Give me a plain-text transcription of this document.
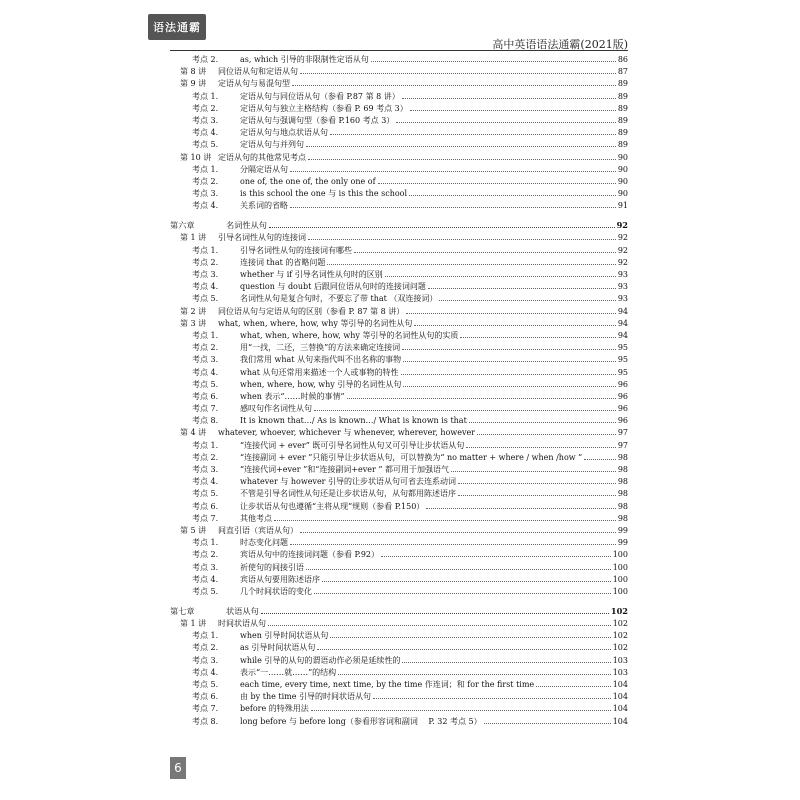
语法通霸
高中英语语法通霸(2021版)
考点 2.	as, which 引导的非限制性定语从句	86
第 8 讲	同位语从句和定语从句	87
第 9 讲	定语从句与易混句型	89
考点 1.	定语从句与同位语从句（参看 P.87 第 8 讲）	89
考点 2.	定语从句与独立主格结构（参看 P. 69 考点 3）	89
考点 3.	定语从句与强调句型（参看 P.160 考点 3）	89
考点 4.	定语从句与地点状语从句	89
考点 5.	定语从句与并列句	89
第 10 讲 定语从句的其他常见考点	90
考点 1.	分隔定语从句	90
考点 2.	one of, the one of, the only one of	90
考点 3.	is this school the one 与 is this the school	90
考点 4.	关系词的省略	91
第六章	名词性从句	92
第 1 讲	引导名词性从句的连接词	92
考点 1.	引导名词性从句的连接词有哪些	92
考点 2.	连接词 that 的省略问题	92
考点 3.	whether 与 if 引导名词性从句时的区别	93
考点 4.	question 与 doubt 后跟同位语从句时的连接词问题	93
考点 5.	名词性从句是复合句时，不要忘了带 that （双连接词）	93
第 2 讲	同位语从句与定语从句的区别（参看 P. 87 第 8 讲）	94
第 3 讲	what, when, where, how, why 等引导的名词性从句	94
考点 1.	what, when, where, how, why 等引导的名词性从句的实质	94
考点 2.	用“一找，二还，三替换”的方法来确定连接词	95
考点 3.	我们常用 what 从句来指代叫不出名称的事物	95
考点 4.	what 从句还常用来描述一个人或事物的特性	95
考点 5.	when, where, how, why 引导的名词性从句	96
考点 6.	when 表示“……时候的事情”	96
考点 7.	感叹句作名词性从句	96
考点 8.	It is known that…/ As is known…/ What is known is that	96
第 4 讲	whatever, whoever, whichever 与 whenever, wherever, however	97
考点 1.	“连接代词 + ever” 既可引导名词性从句又可引导让步状语从句	97
考点 2.	“连接副词 + ever ”只能引导让步状语从句，可以替换为“ no matter + where / when /how ”	98
考点 3.	“连接代词+ever ”和“连接副词+ever ” 都可用于加强语气	98
考点 4.	whatever 与 however 引导的让步状语从句可省去连系动词	98
考点 5.	不管是引导名词性从句还是让步状语从句，从句都用陈述语序	98
考点 6.	让步状语从句也遵循“主将从现”规则（参看 P.150）	98
考点 7.	其他考点	98
第 5 讲	间直引语（宾语从句）	99
考点 1.	时态变化问题	99
考点 2.	宾语从句中的连接词问题（参看 P.92）	100
考点 3.	祈使句的间接引语	100
考点 4.	宾语从句要用陈述语序	100
考点 5.	几个时间状语的变化	100
第七章	状语从句	102
第 1 讲	时间状语从句	102
考点 1.	when 引导时间状语从句	102
考点 2.	as 引导时间状语从句	102
考点 3.	while 引导的从句的谓语动作必须是延续性的	103
考点 4.	表示“一……就……”的结构	103
考点 5.	each time, every time, next time, by the time 作连词；和 for the first time	104
考点 6.	由 by the time 引导的时间状语从句	104
考点 7.	before 的特殊用法	104
考点 8.	long before 与 before long（参看形容词和副词　 P. 32 考点 5）	104
6
